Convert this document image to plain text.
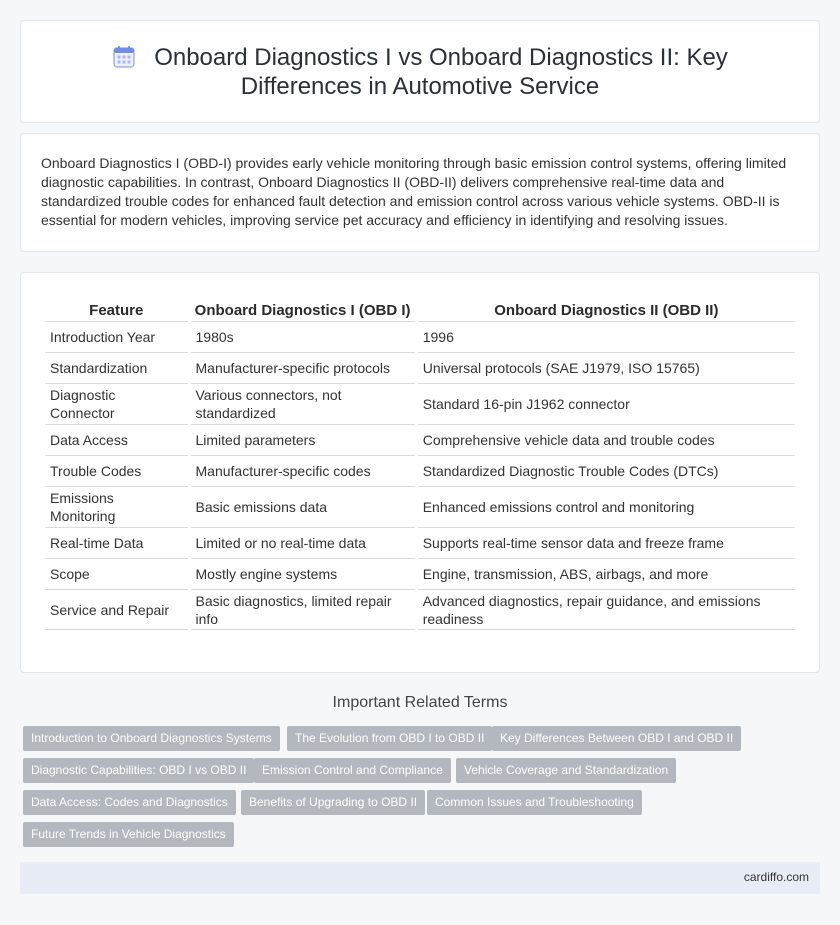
Onboard Diagnostics I vs Onboard Diagnostics II: Key Differences in Automotive Service

Onboard Diagnostics I (OBD-I) provides early vehicle monitoring through basic emission control systems, offering limited diagnostic capabilities. In contrast, Onboard Diagnostics II (OBD-II) delivers comprehensive real-time data and standardized trouble codes for enhanced fault detection and emission control across various vehicle systems. OBD-II is essential for modern vehicles, improving service pet accuracy and efficiency in identifying and resolving issues.

Feature	Onboard Diagnostics I (OBD I)	Onboard Diagnostics II (OBD II)
Introduction Year	1980s	1996
Standardization	Manufacturer-specific protocols	Universal protocols (SAE J1979, ISO 15765)
Diagnostic Connector	Various connectors, not standardized	Standard 16-pin J1962 connector
Data Access	Limited parameters	Comprehensive vehicle data and trouble codes
Trouble Codes	Manufacturer-specific codes	Standardized Diagnostic Trouble Codes (DTCs)
Emissions Monitoring	Basic emissions data	Enhanced emissions control and monitoring
Real-time Data	Limited or no real-time data	Supports real-time sensor data and freeze frame
Scope	Mostly engine systems	Engine, transmission, ABS, airbags, and more
Service and Repair	Basic diagnostics, limited repair info	Advanced diagnostics, repair guidance, and emissions readiness
Important Related Terms
Introduction to Onboard Diagnostics Systems	The Evolution from OBD I to OBD II	Key Differences Between OBD I and OBD II
Diagnostic Capabilities: OBD I vs OBD II	Emission Control and Compliance	Vehicle Coverage and Standardization
Data Access: Codes and Diagnostics	Benefits of Upgrading to OBD II	Common Issues and Troubleshooting
Future Trends in Vehicle Diagnostics
cardiffo.com
